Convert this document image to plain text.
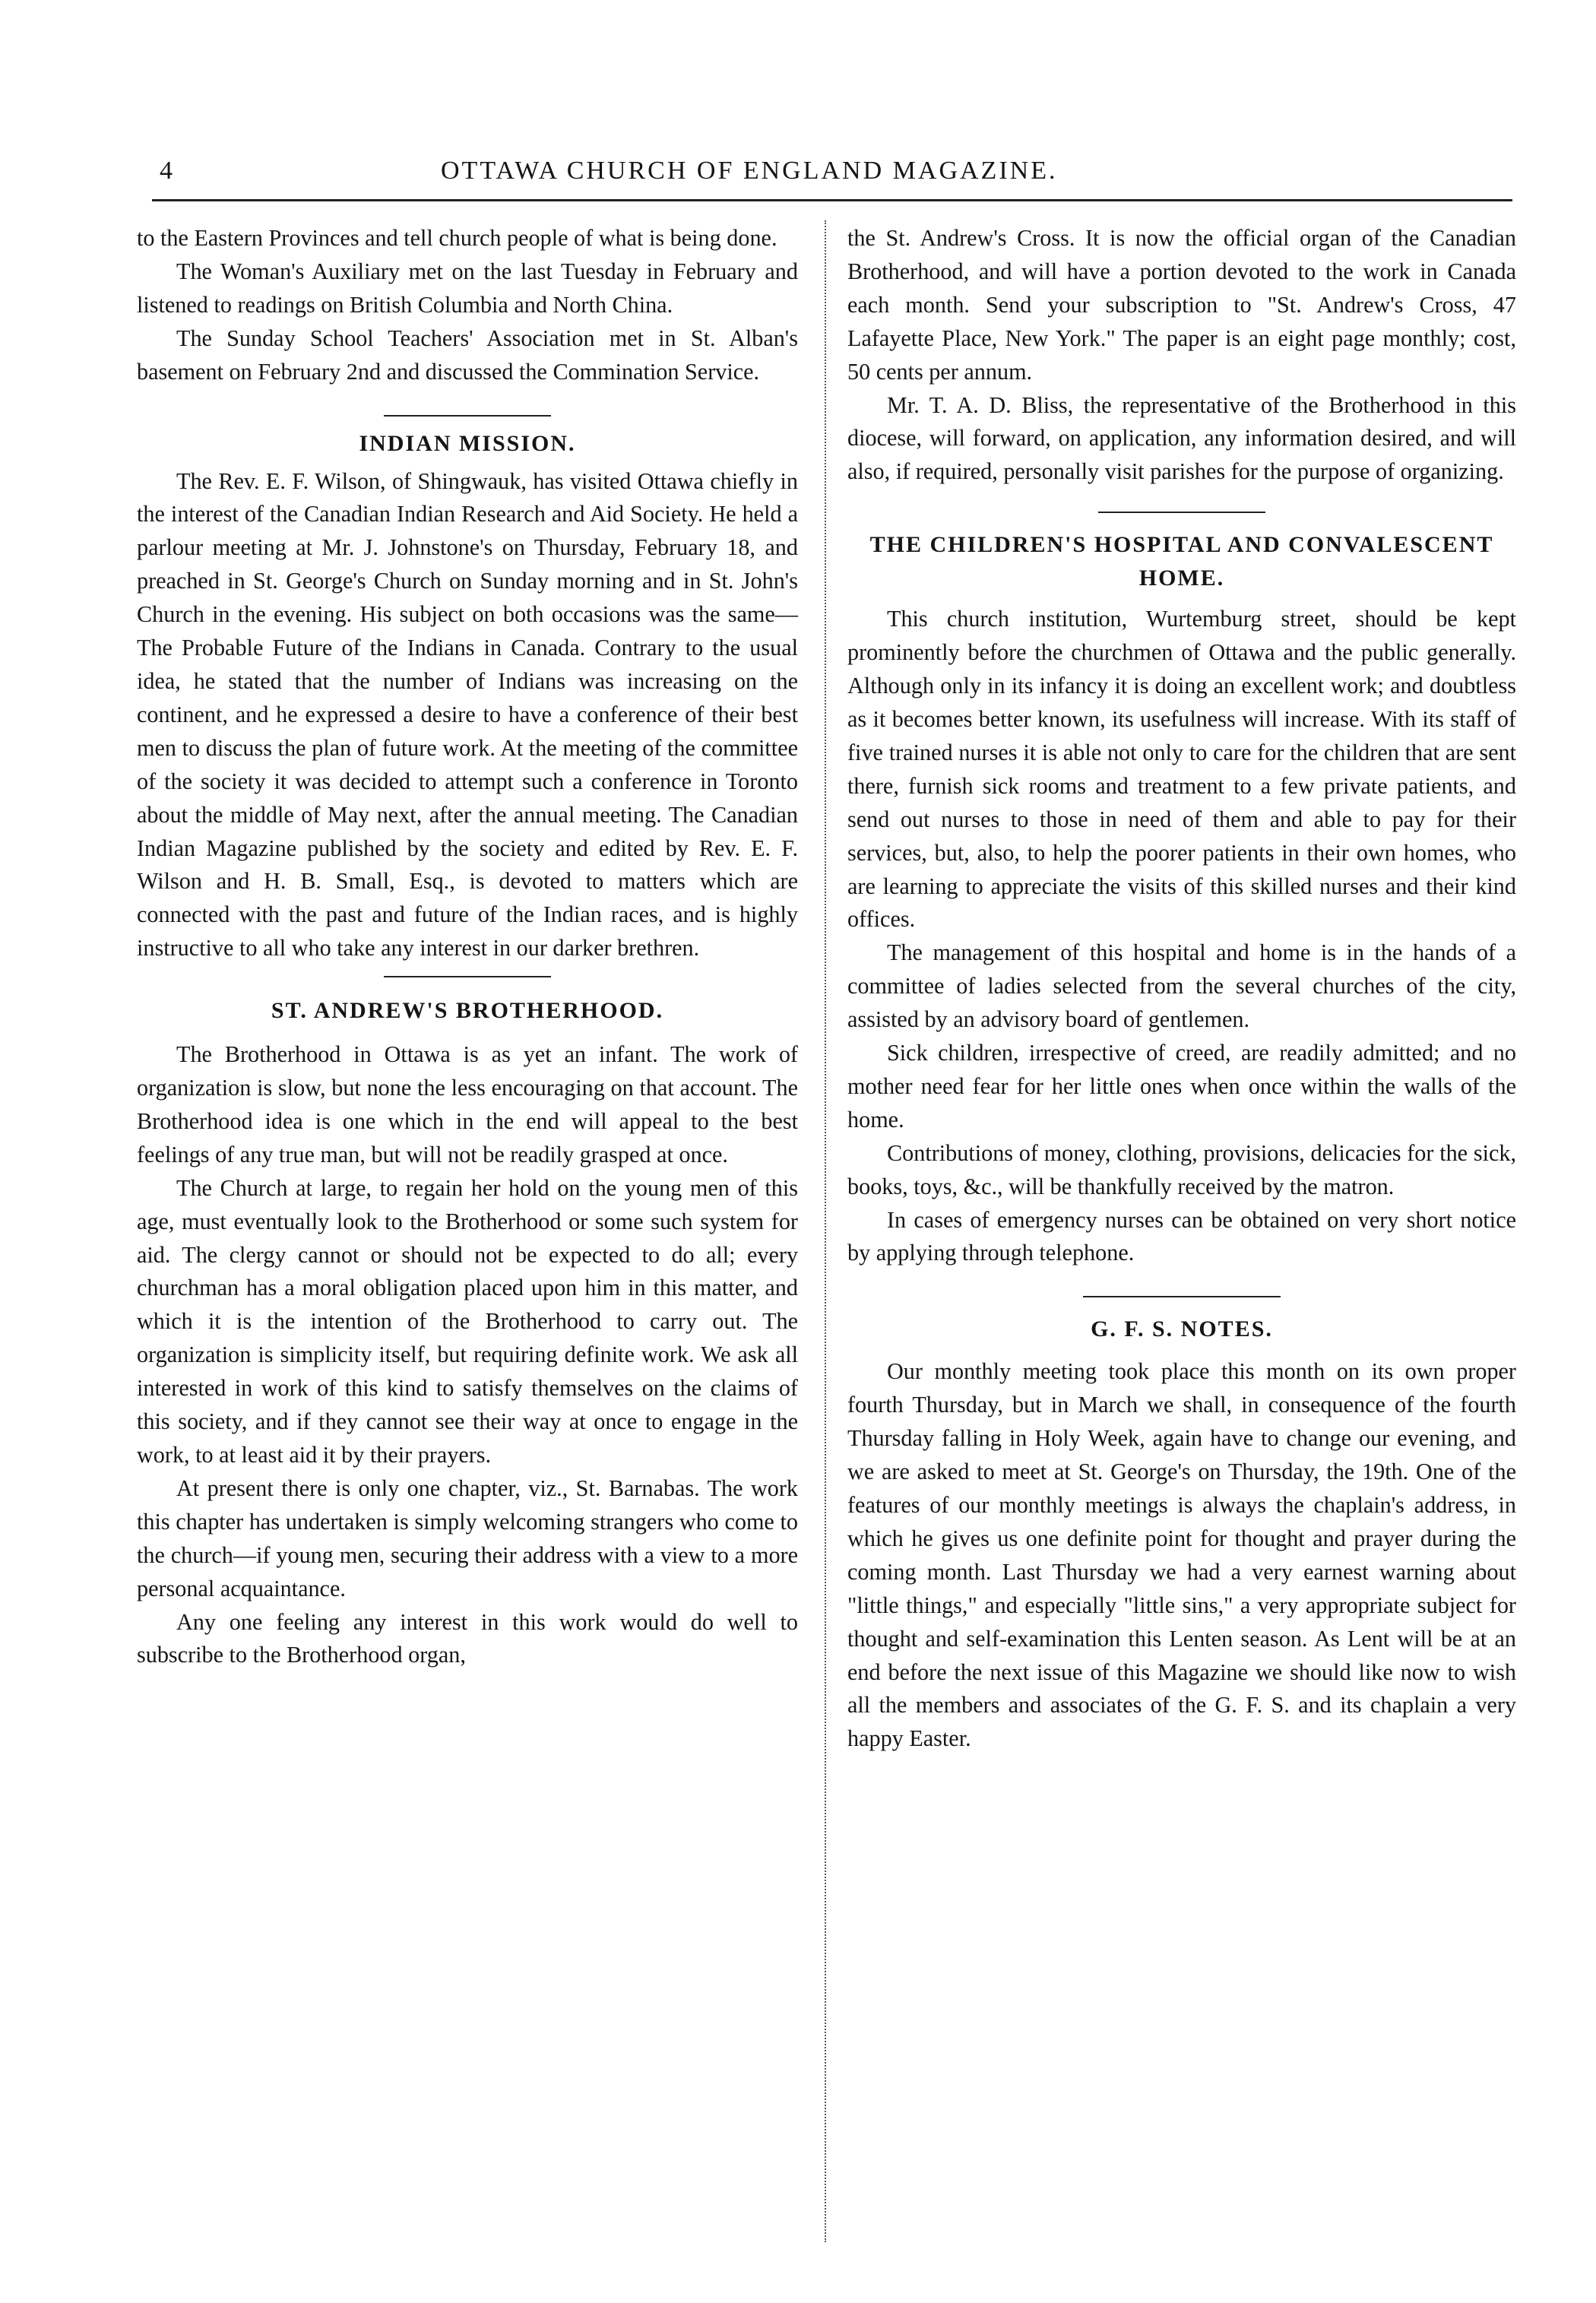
4	OTTAWA CHURCH OF ENGLAND MAGAZINE.

to the Eastern Provinces and tell church people of what is being done.

The Woman's Auxiliary met on the last Tuesday in February and listened to readings on British Columbia and North China.

The Sunday School Teachers' Association met in St. Alban's basement on February 2nd and discussed the Commination Service.

INDIAN MISSION.

The Rev. E. F. Wilson, of Shingwauk, has visited Ottawa chiefly in the interest of the Canadian Indian Research and Aid Society. He held a parlour meeting at Mr. J. Johnstone's on Thursday, February 18, and preached in St. George's Church on Sunday morning and in St. John's Church in the evening. His subject on both occasions was the same—The Probable Future of the Indians in Canada. Contrary to the usual idea, he stated that the number of Indians was increasing on the continent, and he expressed a desire to have a conference of their best men to discuss the plan of future work. At the meeting of the committee of the society it was decided to attempt such a conference in Toronto about the middle of May next, after the annual meeting. The Canadian Indian Magazine published by the society and edited by Rev. E. F. Wilson and H. B. Small, Esq., is devoted to matters which are connected with the past and future of the Indian races, and is highly instructive to all who take any interest in our darker brethren.

ST. ANDREW'S BROTHERHOOD.

The Brotherhood in Ottawa is as yet an infant. The work of organization is slow, but none the less encouraging on that account. The Brotherhood idea is one which in the end will appeal to the best feelings of any true man, but will not be readily grasped at once.

The Church at large, to regain her hold on the young men of this age, must eventually look to the Brotherhood or some such system for aid. The clergy cannot or should not be expected to do all; every churchman has a moral obligation placed upon him in this matter, and which it is the intention of the Brotherhood to carry out. The organization is simplicity itself, but requiring definite work. We ask all interested in work of this kind to satisfy themselves on the claims of this society, and if they cannot see their way at once to engage in the work, to at least aid it by their prayers.

At present there is only one chapter, viz., St. Barnabas. The work this chapter has undertaken is simply welcoming strangers who come to the church—if young men, securing their address with a view to a more personal acquaintance.

Any one feeling any interest in this work would do well to subscribe to the Brotherhood organ,

the St. Andrew's Cross. It is now the official organ of the Canadian Brotherhood, and will have a portion devoted to the work in Canada each month. Send your subscription to "St. Andrew's Cross, 47 Lafayette Place, New York." The paper is an eight page monthly; cost, 50 cents per annum.

Mr. T. A. D. Bliss, the representative of the Brotherhood in this diocese, will forward, on application, any information desired, and will also, if required, personally visit parishes for the purpose of organizing.

THE CHILDREN'S HOSPITAL AND CONVALESCENT HOME.

This church institution, Wurtemburg street, should be kept prominently before the churchmen of Ottawa and the public generally. Although only in its infancy it is doing an excellent work; and doubtless as it becomes better known, its usefulness will increase. With its staff of five trained nurses it is able not only to care for the children that are sent there, furnish sick rooms and treatment to a few private patients, and send out nurses to those in need of them and able to pay for their services, but, also, to help the poorer patients in their own homes, who are learning to appreciate the visits of this skilled nurses and their kind offices.

The management of this hospital and home is in the hands of a committee of ladies selected from the several churches of the city, assisted by an advisory board of gentlemen.

Sick children, irrespective of creed, are readily admitted; and no mother need fear for her little ones when once within the walls of the home.

Contributions of money, clothing, provisions, delicacies for the sick, books, toys, &c., will be thankfully received by the matron.

In cases of emergency nurses can be obtained on very short notice by applying through telephone.

G. F. S. NOTES.

Our monthly meeting took place this month on its own proper fourth Thursday, but in March we shall, in consequence of the fourth Thursday falling in Holy Week, again have to change our evening, and we are asked to meet at St. George's on Thursday, the 19th. One of the features of our monthly meetings is always the chaplain's address, in which he gives us one definite point for thought and prayer during the coming month. Last Thursday we had a very earnest warning about "little things," and especially "little sins," a very appropriate subject for thought and self-examination this Lenten season. As Lent will be at an end before the next issue of this Magazine we should like now to wish all the members and associates of the G. F. S. and its chaplain a very happy Easter.
